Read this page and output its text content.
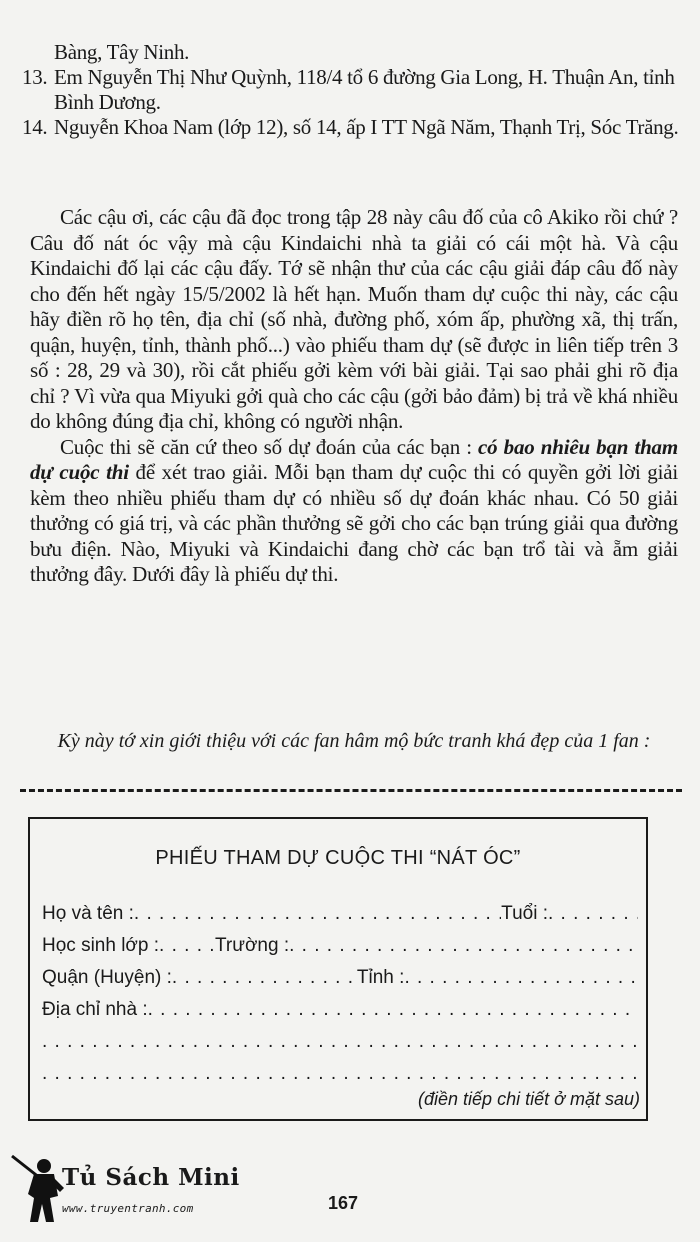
Bàng, Tây Ninh.
13. Em Nguyễn Thị Như Quỳnh, 118/4 tổ 6 đường Gia Long, H. Thuận An, tỉnh Bình Dương.
14. Nguyễn Khoa Nam (lớp 12), số 14, ấp I TT Ngã Năm, Thạnh Trị, Sóc Trăng.

Các cậu ơi, các cậu đã đọc trong tập 28 này câu đố của cô Akiko rồi chứ ? Câu đố nát óc vậy mà cậu Kindaichi nhà ta giải có cái một hà. Và cậu Kindaichi đố lại các cậu đấy. Tớ sẽ nhận thư của các cậu giải đáp câu đố này cho đến hết ngày 15/5/2002 là hết hạn. Muốn tham dự cuộc thi này, các cậu hãy điền rõ họ tên, địa chỉ (số nhà, đường phố, xóm ấp, phường xã, thị trấn, quận, huyện, tỉnh, thành phố...) vào phiếu tham dự (sẽ được in liên tiếp trên 3 số : 28, 29 và 30), rồi cắt phiếu gởi kèm với bài giải. Tại sao phải ghi rõ địa chỉ ? Vì vừa qua Miyuki gởi quà cho các cậu (gởi bảo đảm) bị trả về khá nhiều do không đúng địa chỉ, không có người nhận.

Cuộc thi sẽ căn cứ theo số dự đoán của các bạn : có bao nhiêu bạn tham dự cuộc thi để xét trao giải. Mỗi bạn tham dự cuộc thi có quyền gởi lời giải kèm theo nhiều phiếu tham dự có nhiều số dự đoán khác nhau. Có 50 giải thưởng có giá trị, và các phần thưởng sẽ gởi cho các bạn trúng giải qua đường bưu điện. Nào, Miyuki và Kindaichi đang chờ các bạn trổ tài và ẵm giải thưởng đây. Dưới đây là phiếu dự thi.

Kỳ này tớ xin giới thiệu với các fan hâm mộ bức tranh khá đẹp của 1 fan :
PHIẾU THAM DỰ CUỘC THI “NÁT ÓC”
Họ và tên : . . .	Tuổi :
. . .
Học sinh lớp : . . .	Trường :
. . .
Quận (Huyện) : . . .	Tỉnh :
. . .
Địa chỉ nhà :
. . .
. . .
. . .
(điền tiếp chi tiết ở mặt sau)
Tủ Sách Mini
www.truyentranh.com	167
